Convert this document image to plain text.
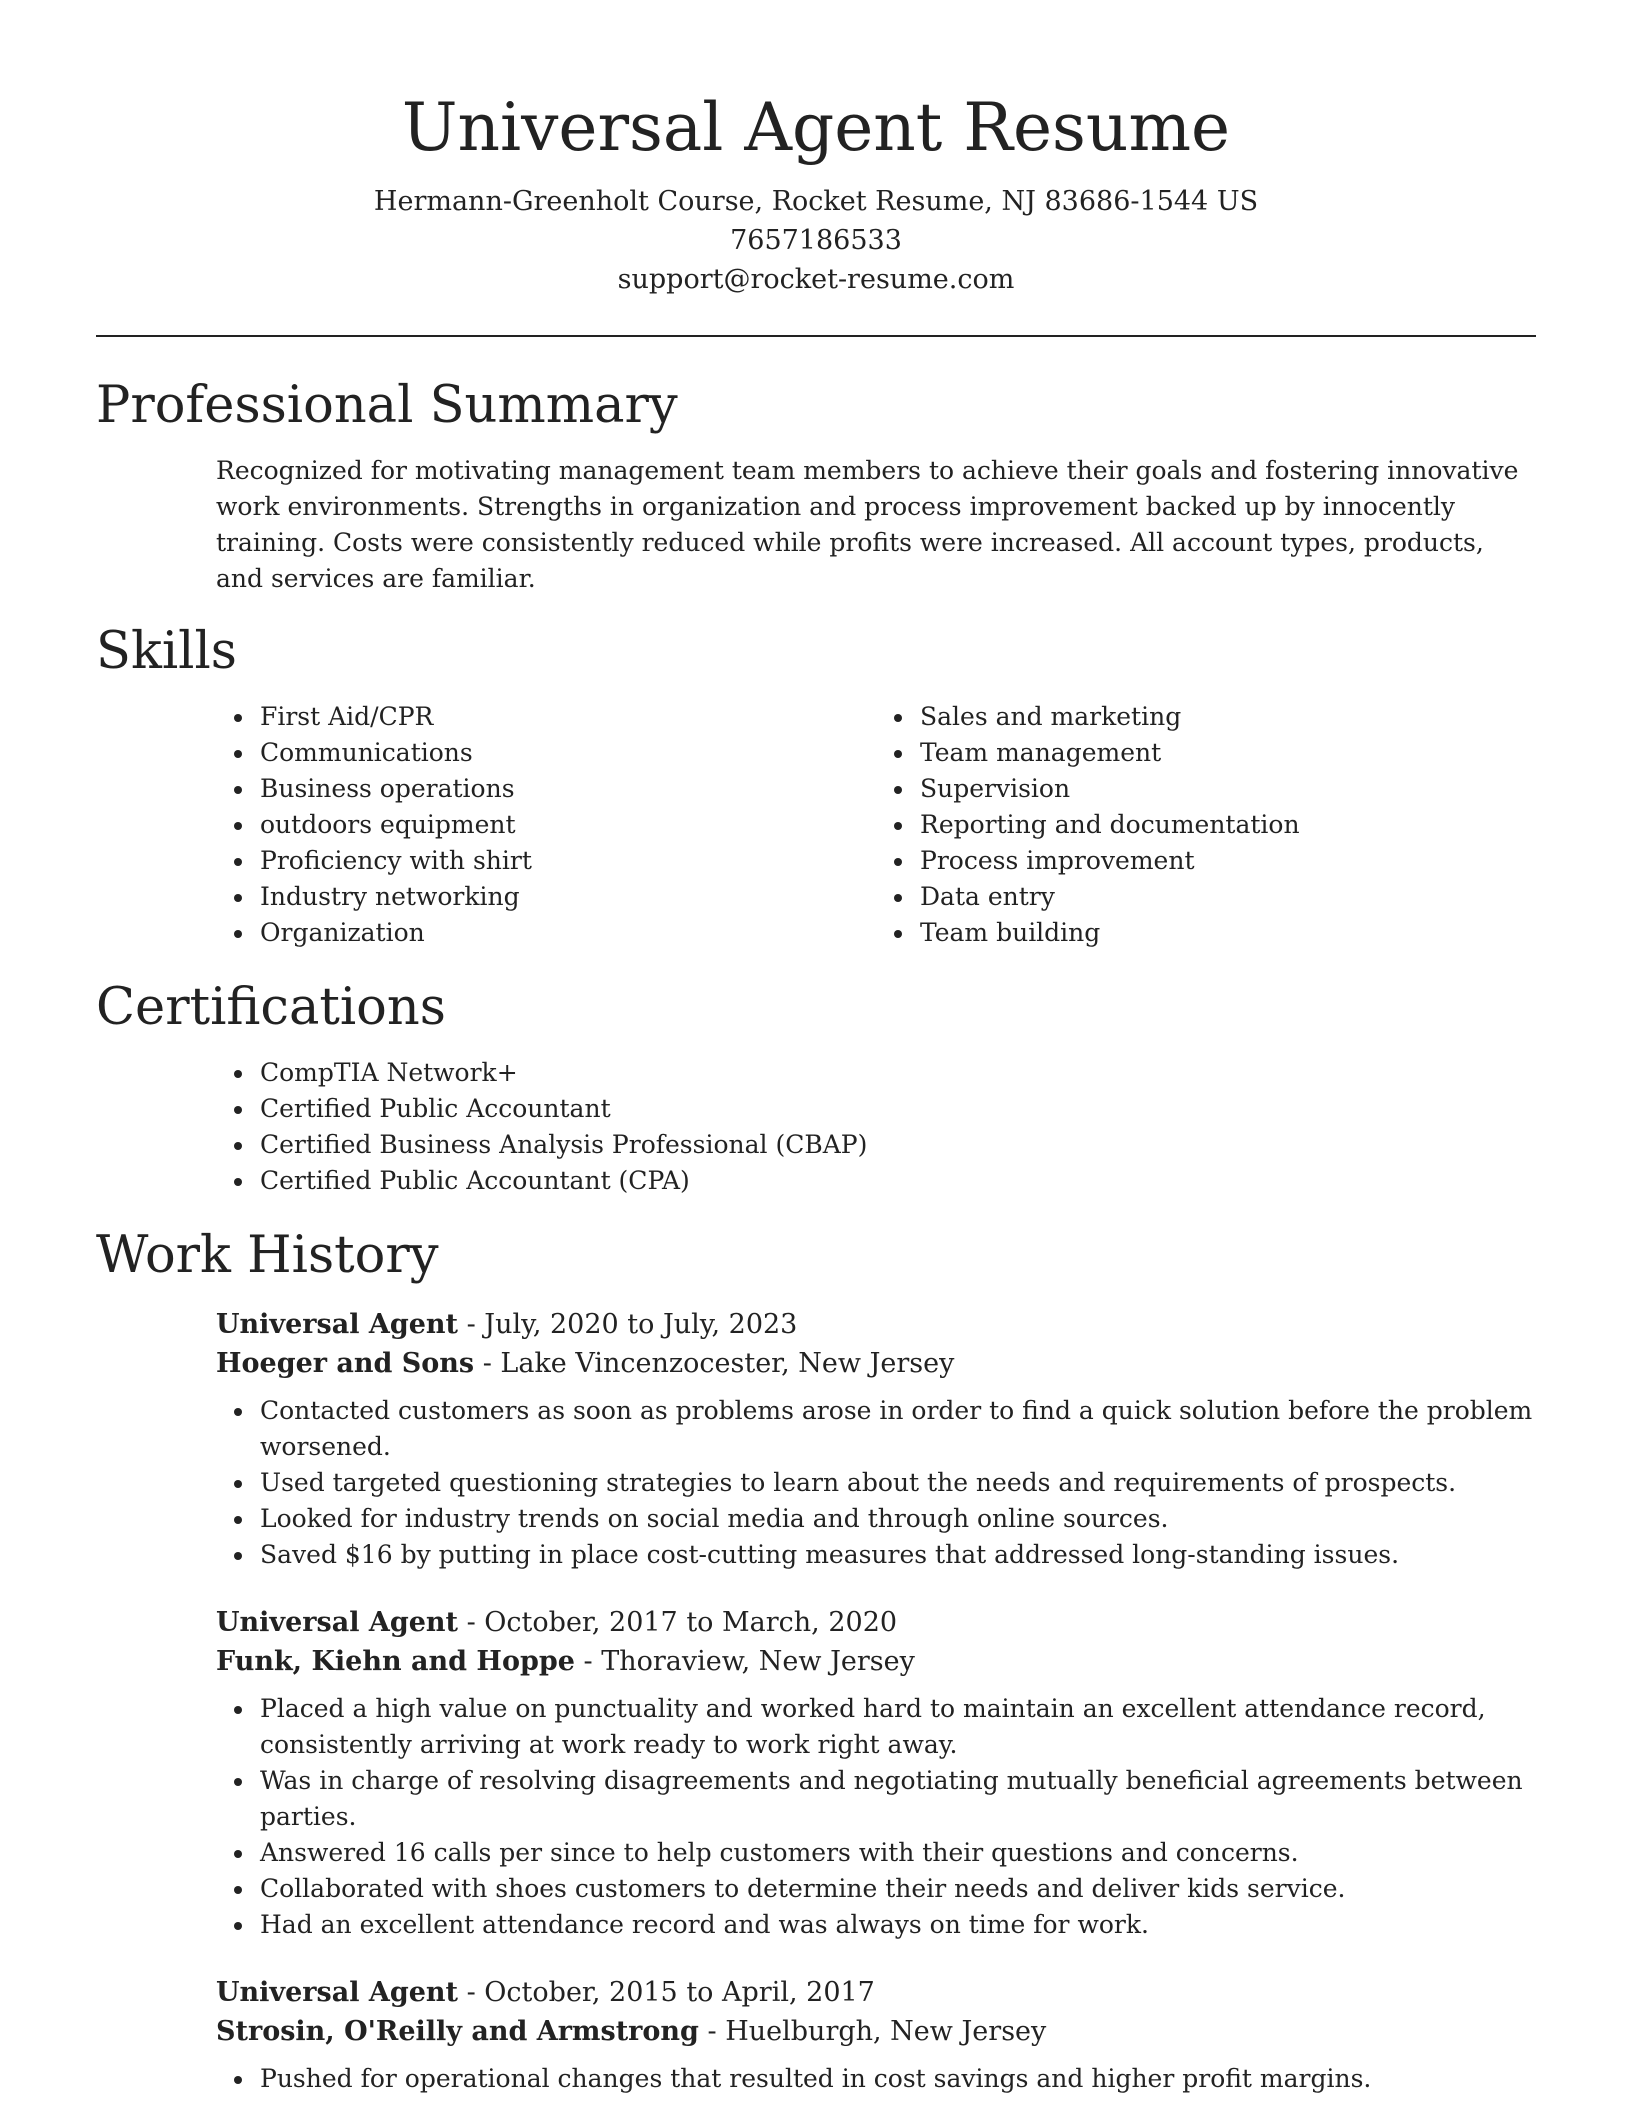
Universal Agent Resume

Hermann-Greenholt Course, Rocket Resume, NJ 83686-1544 US

7657186533

support@rocket-resume.com

Professional Summary

Recognized for motivating management team members to achieve their goals and fostering innovative work environments. Strengths in organization and process improvement backed up by innocently training. Costs were consistently reduced while profits were increased. All account types, products, and services are familiar.

Skills
First Aid/CPR
Communications
Business operations
outdoors equipment
Proficiency with shirt
Industry networking
Organization
Sales and marketing
Team management
Supervision
Reporting and documentation
Process improvement
Data entry
Team building
Certifications
CompTIA Network+
Certified Public Accountant
Certified Business Analysis Professional (CBAP)
Certified Public Accountant (CPA)
Work History

Universal Agent - July, 2020 to July, 2023

Hoeger and Sons - Lake Vincenzocester, New Jersey

Contacted customers as soon as problems arose in order to find a quick solution before the problem worsened.
Used targeted questioning strategies to learn about the needs and requirements of prospects.
Looked for industry trends on social media and through online sources.
Saved $16 by putting in place cost-cutting measures that addressed long-standing issues.

Universal Agent - October, 2017 to March, 2020

Funk, Kiehn and Hoppe - Thoraview, New Jersey

Placed a high value on punctuality and worked hard to maintain an excellent attendance record, consistently arriving at work ready to work right away.
Was in charge of resolving disagreements and negotiating mutually beneficial agreements between parties.
Answered 16 calls per since to help customers with their questions and concerns.
Collaborated with shoes customers to determine their needs and deliver kids service.
Had an excellent attendance record and was always on time for work.

Universal Agent - October, 2015 to April, 2017

Strosin, O'Reilly and Armstrong - Huelburgh, New Jersey

Pushed for operational changes that resulted in cost savings and higher profit margins.
